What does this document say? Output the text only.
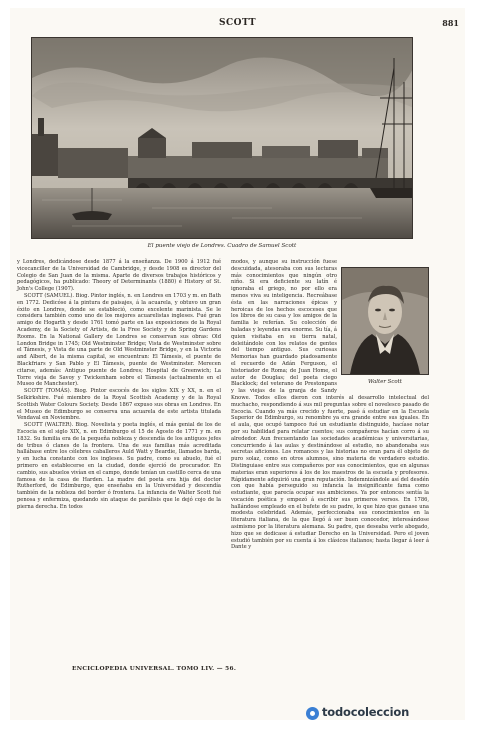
SCOTT	881
El puente viejo de Londres. Cuadro de Samuel Scott

y Londres, dedicándose desde 1877 á la enseñanza. De 1900 á 1912 fué vicecanciller de la Universidad de Cambridge, y desde 1908 es director del Colegio de San Juan de la misma. Aparte de diversos trabajos históricos y pedagógicos, ha publicado: Theory of Determinants (1880) é History of St. John's College (1907).

SCOTT (SAMUEL). Biog. Pintor inglés, n. en Londres en 1703 y m. en Bath en 1772. Dedicóse á la pintura de paisajes, á la acuarela, y obtuvo un gran éxito en Londres, donde se estableció, como excelente marinista. Se le considera también como uno de los mejores acuarelistas ingleses. Fué gran amigo de Hogarth y desde 1761 tomó parte en las exposiciones de la Royal Academy, de la Society of Artists, de la Free Society y de Spring Gardens Rooms. En la National Gallery de Londres se conservan sus obras: Old London Bridge in 1745; Old Westminster Bridge; Vista de Westminster sobre el Támesis, y Vista de una parte de Old Westminster Bridge, y en la Victoria and Albert, de la misma capital, se encuentran: El Támesis, el puente de Blackfriars y San Pablo y El Támesis, puente de Westminster. Merecen citarse, además: Antiguo puente de Londres; Hospital de Greenwich; La Torre vieja de Savoy y Twickenham sobre el Támesis (actualmente en el Museo de Manchester).

SCOTT (TOMÁS). Biog. Pintor escocés de los siglos XIX y XX, n. en el Selkirkshire. Fué miembro de la Royal Scottish Academy y de la Royal Scottish Water Colours Society. Desde 1867 expuso sus obras en Londres. En el Museo de Edimburgo se conserva una acuarela de este artista titulada Vendaval en Noviembre.

SCOTT (WALTER). Biog. Novelista y poeta inglés, el más genial de los de Escocia en el siglo XIX, n. en Edimburgo el 15 de Agosto de 1771 y m. en 1832. Su familia era de la pequeña nobleza y descendía de los antiguos jefes de tribus ó clanes de la frontera. Una de sus familias más acreditada hallábase entre los célebres caballeros Auld Watt y Beardie, llamados barda, y en lucha constante con los ingleses. Su padre, como su abuelo, fué el primero en establecerse en la ciudad, donde ejerció de procurador. En cambio, sus abuelos vivían en el campo, donde tenían un castillo cerca de una famosa de la casa de Harden. La madre del poeta era hija del doctor Rutherford, de Edimburgo, que enseñaba en la Universidad y descendía también de la nobleza del border ó frontera. La infancia de Walter Scott fué penosa y enfermiza, quedando sin ataque de parálisis que le dejó cojo de la pierna derecha. En todos

Walter Scott

modos, y aunque su instrucción fuese descuidada, atesoraba con sus lecturas más conocimientos que ningún otro niño. Si era deficiente su latín é ignoraba el griego, no por ello era menos viva su inteligencia. Recreábase ésta en las narraciones épicas y heroicas de los hechos escoceses que los libros de su casa y los amigos de la familia le referían. Su colección de baladas y leyendas era enorme. Su tía, á quien visitaba en su tierra natal, deleitándole con los relatos de gentes del tiempo antiguo. Sus curiosas Memorias han guardado piadosamente el recuerdo de Adán Ferguson, el historiador de Roma; de Juan Home, el autor de Douglas; del poeta ciego Blacklock; del veterano de Prestonpans y las viejas de la granja de Sandy Knowe. Todos ellos dieron con interés al desarrollo intelectual del muchacho, respondiendo á sus mil preguntas sobre el novelesco pasado de Escocia. Cuando ya más crecido y fuerte, pasó á estudiar en la Escuela Superior de Edimburgo, su renombre ya era grande entre sus iguales. En el aula, que ocupó tampoco fué un estudiante distinguido, hacíase notar por su habilidad para relatar cuentos; sus compañeros hacían corro á su alrededor. Aun frecuentando las sociedades académicas y universitarias, concurriendo á las aulas y destinándose al estudio, no abandonaba sus secretas aficiones. Los romances y las historias no eran para él objeto de puro solaz, como en otros alumnos, sino materia de verdadero estudio. Distinguiase entre sus compañeros por sus conocimientos, que en algunas materias eran superiores á los de los maestros de la escuela y profesores. Rápidamente adquirió una gran reputación. Indemnizándole así del desdén con que había perseguido su infancia la insignificante fama como estudiante, que parecía ocupar sus ambiciones. Ya por entonces sentía la vocación poética y empezó á escribir sus primeros versos. En 1786, hallándose empleado en el bufete de su padre, lo que hizo que ganase una modesta celebridad. Además, perfeccionaba sus conocimientos en la literatura italiana, de la que llegó á ser buen conocedor, interesándose asimismo por la literatura alemana. Su padre, que deseaba verle abogado, hizo que se dedicase á estudiar Derecho en la Universidad. Pero el joven estudió también por su cuenta á los clásicos italianos; hasta llegar á leer á Dante y

ENCICLOPEDIA UNIVERSAL. TOMO LIV. — 56.
todocoleccion
